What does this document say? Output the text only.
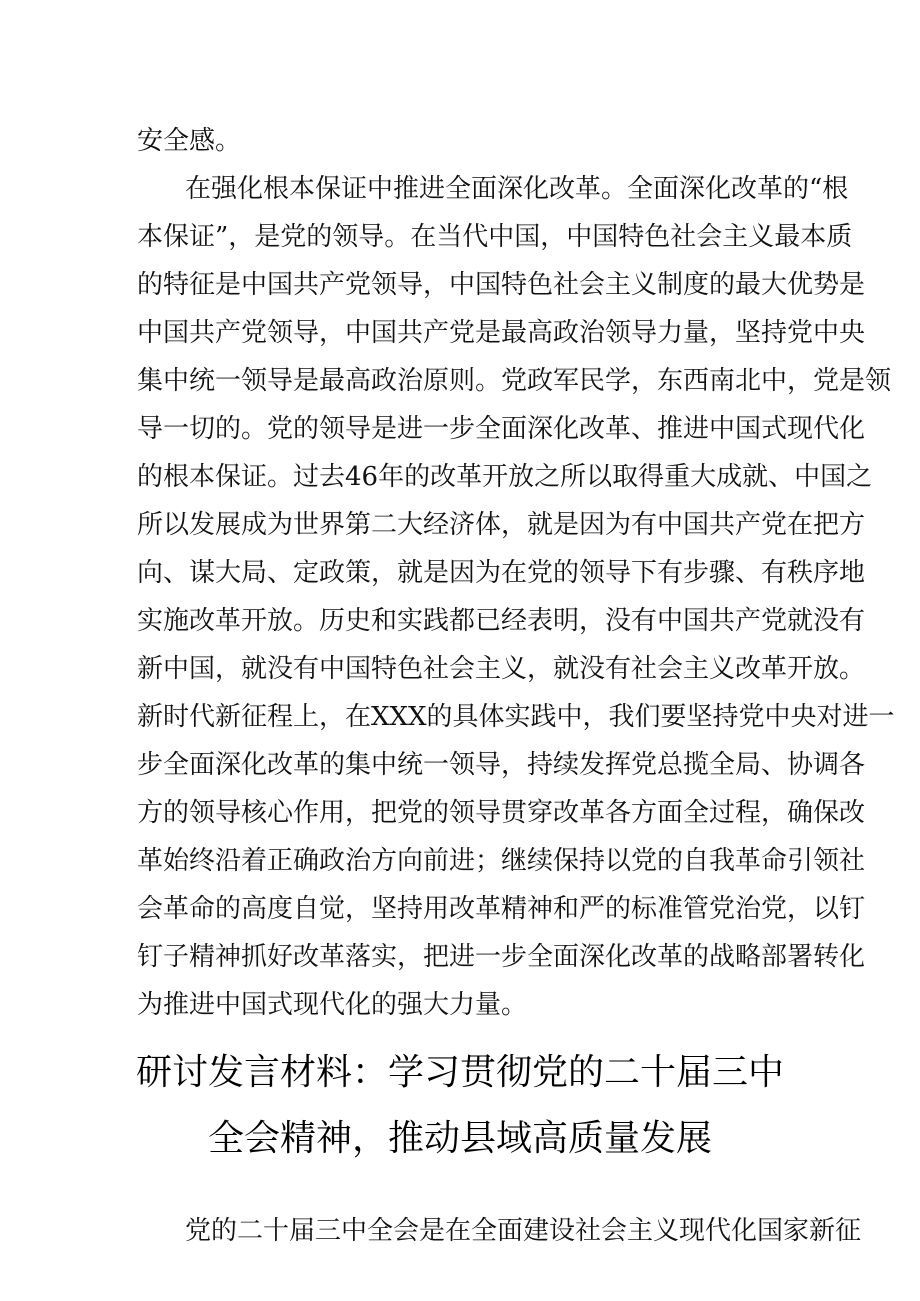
安全感。
在强化根本保证中推进全面深化改革。全面深化改革的“根
本保证”，是党的领导。在当代中国，中国特色社会主义最本质
的特征是中国共产党领导，中国特色社会主义制度的最大优势是
中国共产党领导，中国共产党是最高政治领导力量，坚持党中央
集中统一领导是最高政治原则。党政军民学，东西南北中，党是领
导一切的。党的领导是进一步全面深化改革、推进中国式现代化
的根本保证。过去46年的改革开放之所以取得重大成就、中国之
所以发展成为世界第二大经济体，就是因为有中国共产党在把方
向、谋大局、定政策，就是因为在党的领导下有步骤、有秩序地
实施改革开放。历史和实践都已经表明，没有中国共产党就没有
新中国，就没有中国特色社会主义，就没有社会主义改革开放。
新时代新征程上，在XXX的具体实践中，我们要坚持党中央对进一
步全面深化改革的集中统一领导，持续发挥党总揽全局、协调各
方的领导核心作用，把党的领导贯穿改革各方面全过程，确保改
革始终沿着正确政治方向前进；继续保持以党的自我革命引领社
会革命的高度自觉，坚持用改革精神和严的标准管党治党，以钉
钉子精神抓好改革落实，把进一步全面深化改革的战略部署转化
为推进中国式现代化的强大力量。
研讨发言材料：学习贯彻党的二十届三中
全会精神，推动县域高质量发展
党的二十届三中全会是在全面建设社会主义现代化国家新征
